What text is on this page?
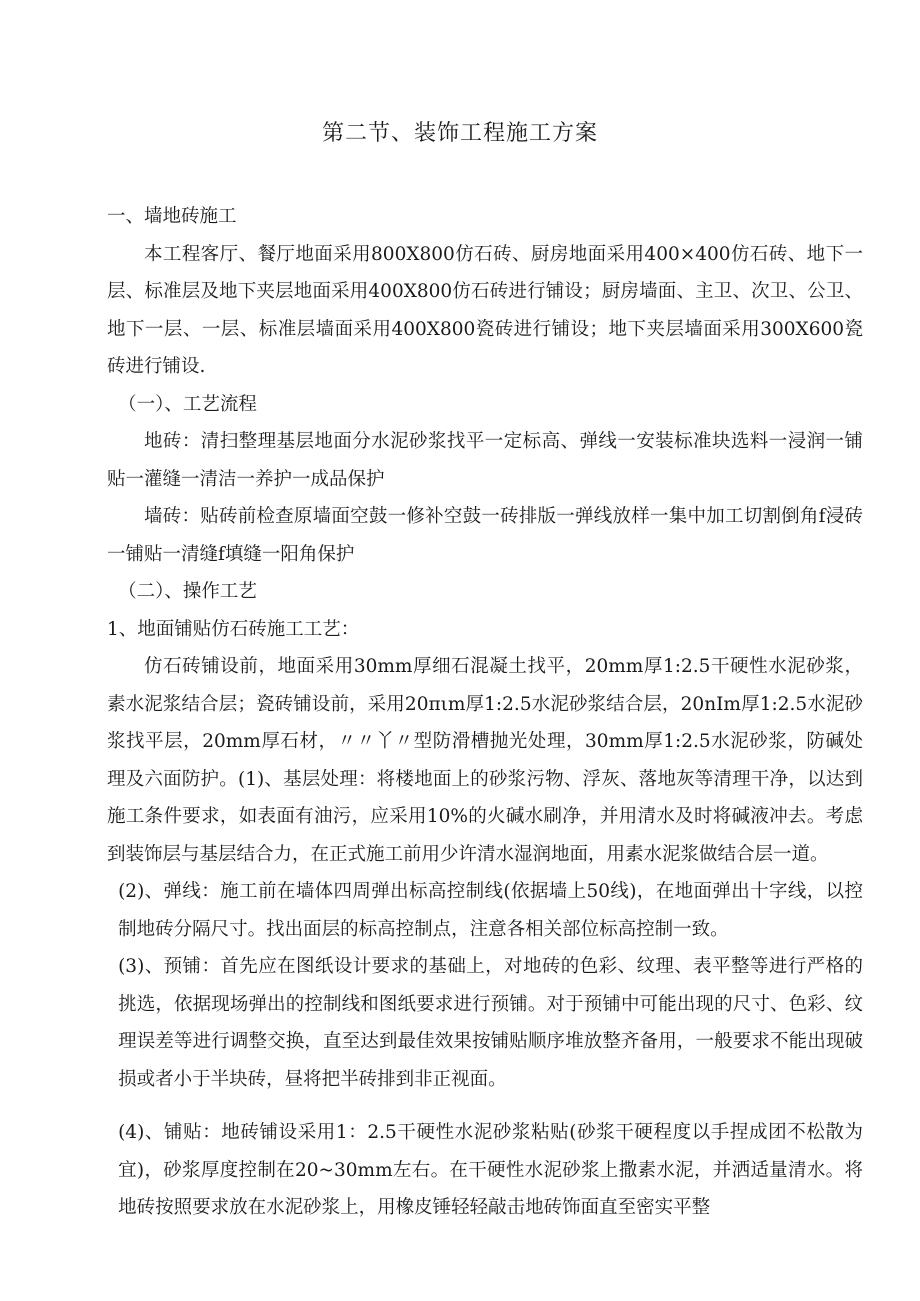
第二节、装饰工程施工方案

一、墙地砖施工

本工程客厅、餐厅地面采用800X800仿石砖、厨房地面采用400×400仿石砖、地下一层、标准层及地下夹层地面采用400X800仿石砖进行铺设；厨房墙面、主卫、次卫、公卫、地下一层、一层、标准层墙面采用400X800瓷砖进行铺设；地下夹层墙面采用300X600瓷砖进行铺设.

（一）、工艺流程

地砖：清扫整理基层地面分水泥砂浆找平一定标高、弹线一安装标准块选料一浸润一铺贴一灌缝一清洁一养护一成品保护

墙砖：贴砖前检查原墙面空鼓一修补空鼓一砖排版一弹线放样一集中加工切割倒角f浸砖一铺贴一清缝f填缝一阳角保护

（二）、操作工艺

1、地面铺贴仿石砖施工工艺：

仿石砖铺设前，地面采用30mm厚细石混凝土找平，20mm厚1:2.5干硬性水泥砂浆，素水泥浆结合层；瓷砖铺设前，采用20πιm厚1:2.5水泥砂浆结合层，20nIm厚1:2.5水泥砂浆找平层，20mm厚石材，〃〃丫〃型防滑槽抛光处理，30mm厚1:2.5水泥砂浆，防碱处理及六面防护。(1)、基层处理：将楼地面上的砂浆污物、浮灰、落地灰等清理干净，以达到施工条件要求，如表面有油污，应采用10%的火碱水刷净，并用清水及时将碱液冲去。考虑到装饰层与基层结合力，在正式施工前用少许清水湿润地面，用素水泥浆做结合层一道。

(2)、弹线：施工前在墙体四周弹出标高控制线(依据墙上50线)，在地面弹出十字线，以控制地砖分隔尺寸。找出面层的标高控制点，注意各相关部位标高控制一致。

(3)、预铺：首先应在图纸设计要求的基础上，对地砖的色彩、纹理、表平整等进行严格的挑选，依据现场弹出的控制线和图纸要求进行预铺。对于预铺中可能出现的尺寸、色彩、纹理误差等进行调整交换，直至达到最佳效果按铺贴顺序堆放整齐备用，一般要求不能出现破损或者小于半块砖，昼将把半砖排到非正视面。

(4)、铺贴：地砖铺设采用1：2.5干硬性水泥砂浆粘贴(砂浆干硬程度以手捏成团不松散为宜)，砂浆厚度控制在20~30mm左右。在干硬性水泥砂浆上撒素水泥，并洒适量清水。将地砖按照要求放在水泥砂浆上，用橡皮锤轻轻敲击地砖饰面直至密实平整
